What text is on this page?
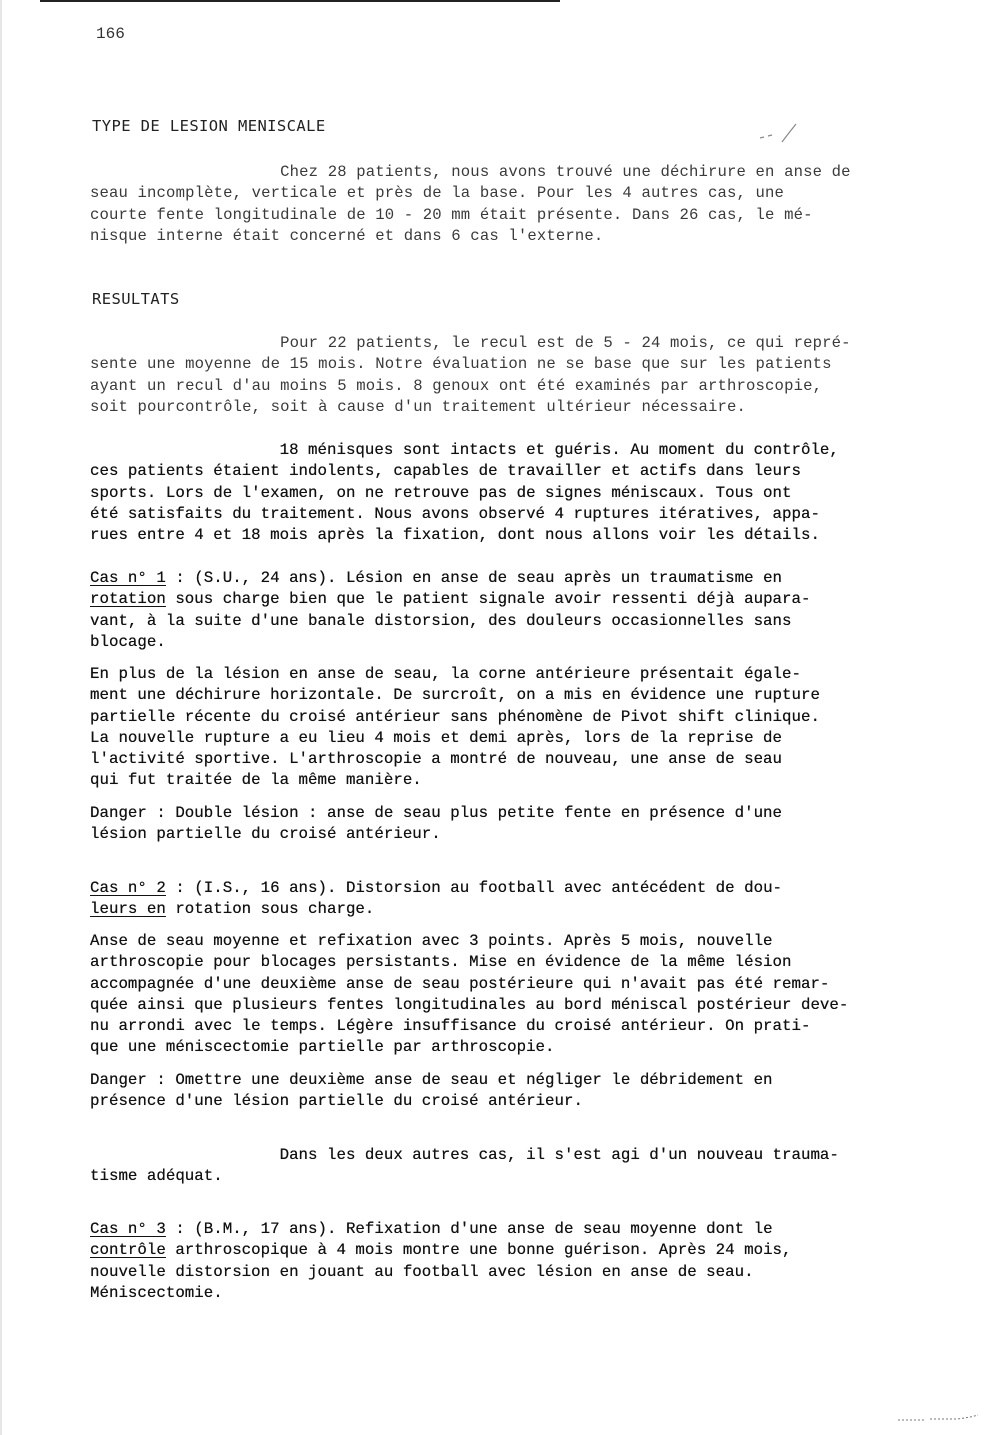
166
TYPE DE LESION MENISCALE
Chez 28 patients, nous avons trouvé une déchirure en anse de
seau incomplète, verticale et près de la base. Pour les 4 autres cas, une
courte fente longitudinale de 10 - 20 mm était présente. Dans 26 cas, le mé-
nisque interne était concerné et dans 6 cas l'externe.
RESULTATS
Pour 22 patients, le recul est de 5 - 24 mois, ce qui repré-
sente une moyenne de 15 mois. Notre évaluation ne se base que sur les patients
ayant un recul d'au moins 5 mois. 8 genoux ont été examinés par arthroscopie,
soit pourcontrôle, soit à cause d'un traitement ultérieur nécessaire.
18 ménisques sont intacts et guéris. Au moment du contrôle,
ces patients étaient indolents, capables de travailler et actifs dans leurs
sports. Lors de l'examen, on ne retrouve pas de signes méniscaux. Tous ont
été satisfaits du traitement. Nous avons observé 4 ruptures itératives, appa-
rues entre 4 et 18 mois après la fixation, dont nous allons voir les détails.
Cas n° 1 : (S.U., 24 ans). Lésion en anse de seau après un traumatisme en
rotation sous charge bien que le patient signale avoir ressenti déjà aupara-
vant, à la suite d'une banale distorsion, des douleurs occasionnelles sans
blocage.
En plus de la lésion en anse de seau, la corne antérieure présentait égale-
ment une déchirure horizontale. De surcroît, on a mis en évidence une rupture
partielle récente du croisé antérieur sans phénomène de Pivot shift clinique.
La nouvelle rupture a eu lieu 4 mois et demi après, lors de la reprise de
l'activité sportive. L'arthroscopie a montré de nouveau, une anse de seau
qui fut traitée de la même manière.
Danger : Double lésion : anse de seau plus petite fente en présence d'une
lésion partielle du croisé antérieur.
Cas n° 2 : (I.S., 16 ans). Distorsion au football avec antécédent de dou-
leurs en rotation sous charge.
Anse de seau moyenne et refixation avec 3 points. Après 5 mois, nouvelle
arthroscopie pour blocages persistants. Mise en évidence de la même lésion
accompagnée d'une deuxième anse de seau postérieure qui n'avait pas été remar-
quée ainsi que plusieurs fentes longitudinales au bord méniscal postérieur deve-
nu arrondi avec le temps. Légère insuffisance du croisé antérieur. On prati-
que une méniscectomie partielle par arthroscopie.
Danger : Omettre une deuxième anse de seau et négliger le débridement en
présence d'une lésion partielle du croisé antérieur.
Dans les deux autres cas, il s'est agi d'un nouveau trauma-
tisme adéquat.
Cas n° 3 : (B.M., 17 ans). Refixation d'une anse de seau moyenne dont le
contrôle arthroscopique à 4 mois montre une bonne guérison. Après 24 mois,
nouvelle distorsion en jouant au football avec lésion en anse de seau.
Méniscectomie.
